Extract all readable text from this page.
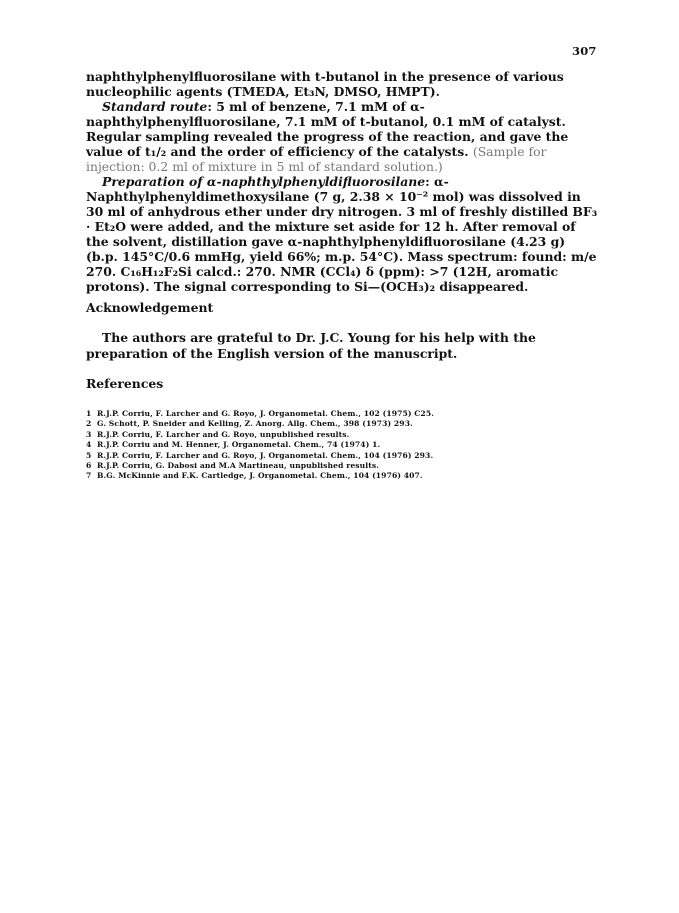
307

naphthylphenylfluorosilane with t-butanol in the presence of various nucleophilic agents (TMEDA, Et₃N, DMSO, HMPT).

Standard route: 5 ml of benzene, 7.1 mM of α-naphthylphenylfluorosilane, 7.1 mM of t-butanol, 0.1 mM of catalyst. Regular sampling revealed the progress of the reaction, and gave the value of t₁/₂ and the order of efficiency of the catalysts. (Sample for injection: 0.2 ml of mixture in 5 ml of standard solution.)

Preparation of α-naphthylphenyldifluorosilane: α-Naphthylphenyldimethoxysilane (7 g, 2.38 × 10⁻² mol) was dissolved in 30 ml of anhydrous ether under dry nitrogen. 3 ml of freshly distilled BF₃ · Et₂O were added, and the mixture set aside for 12 h. After removal of the solvent, distillation gave α-naphthylphenyldifluorosilane (4.23 g) (b.p. 145°C/0.6 mmHg, yield 66%; m.p. 54°C). Mass spectrum: found: m/e 270. C₁₆H₁₂F₂Si calcd.: 270. NMR (CCl₄) δ (ppm): >7 (12H, aromatic protons). The signal corresponding to Si—(OCH₃)₂ disappeared.

Acknowledgement
The authors are grateful to Dr. J.C. Young for his help with the preparation of the English version of the manuscript.
References
1 R.J.P. Corriu, F. Larcher and G. Royo, J. Organometal. Chem., 102 (1975) C25.
2 G. Schott, P. Sneider and Kelling, Z. Anorg. Allg. Chem., 398 (1973) 293.
3 R.J.P. Corriu, F. Larcher and G. Royo, unpublished results.
4 R.J.P. Corriu and M. Henner, J. Organometal. Chem., 74 (1974) 1.
5 R.J.P. Corriu, F. Larcher and G. Royo, J. Organometal. Chem., 104 (1976) 293.
6 R.J.P. Corriu, G. Dabosi and M.A Martineau, unpublished results.
7 B.G. McKinnie and F.K. Cartledge, J. Organometal. Chem., 104 (1976) 407.
